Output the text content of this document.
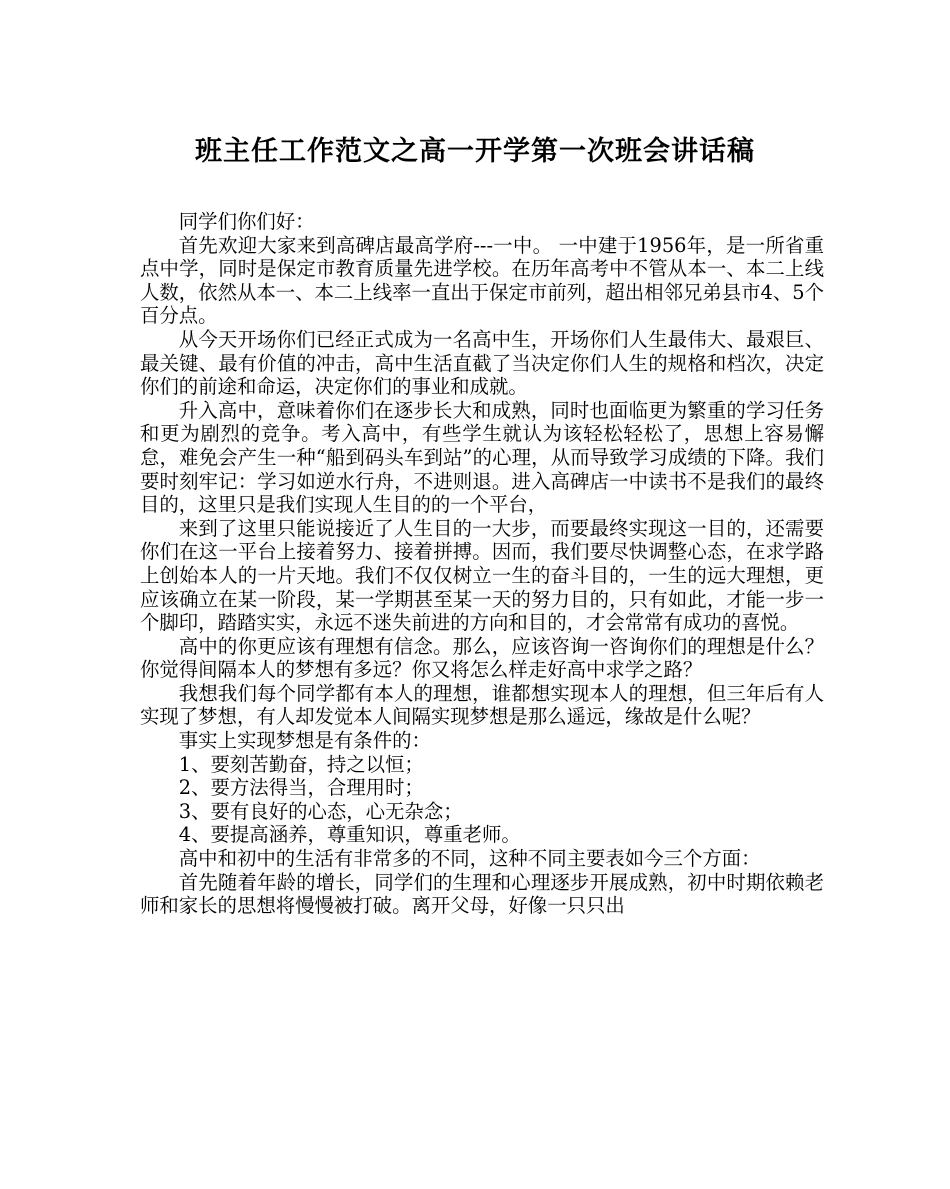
班主任工作范文之高一开学第一次班会讲话稿

同学们你们好：

首先欢迎大家来到高碑店最高学府---一中。 一中建于1956年，是一所省重点中学，同时是保定市教育质量先进学校。在历年高考中不管从本一、本二上线人数，依然从本一、本二上线率一直出于保定市前列，超出相邻兄弟县市4、5个百分点。

从今天开场你们已经正式成为一名高中生，开场你们人生最伟大、最艰巨、最关键、最有价值的冲击，高中生活直截了当决定你们人生的规格和档次，决定你们的前途和命运，决定你们的事业和成就。

升入高中，意味着你们在逐步长大和成熟，同时也面临更为繁重的学习任务和更为剧烈的竞争。考入高中，有些学生就认为该轻松轻松了，思想上容易懈怠，难免会产生一种“船到码头车到站”的心理，从而导致学习成绩的下降。我们要时刻牢记：学习如逆水行舟，不进则退。进入高碑店一中读书不是我们的最终目的，这里只是我们实现人生目的的一个平台，

来到了这里只能说接近了人生目的一大步，而要最终实现这一目的，还需要你们在这一平台上接着努力、接着拼搏。因而，我们要尽快调整心态，在求学路上创始本人的一片天地。我们不仅仅树立一生的奋斗目的，一生的远大理想，更应该确立在某一阶段，某一学期甚至某一天的努力目的，只有如此，才能一步一个脚印，踏踏实实，永远不迷失前进的方向和目的，才会常常有成功的喜悦。

高中的你更应该有理想有信念。那么，应该咨询一咨询你们的理想是什么？你觉得间隔本人的梦想有多远？你又将怎么样走好高中求学之路？

我想我们每个同学都有本人的理想，谁都想实现本人的理想，但三年后有人实现了梦想，有人却发觉本人间隔实现梦想是那么遥远，缘故是什么呢？

事实上实现梦想是有条件的：

1、要刻苦勤奋，持之以恒；

2、要方法得当，合理用时；

3、要有良好的心态，心无杂念；

4、要提高涵养，尊重知识，尊重老师。

高中和初中的生活有非常多的不同，这种不同主要表如今三个方面：

首先随着年龄的增长，同学们的生理和心理逐步开展成熟，初中时期依赖老师和家长的思想将慢慢被打破。离开父母，好像一只只出
